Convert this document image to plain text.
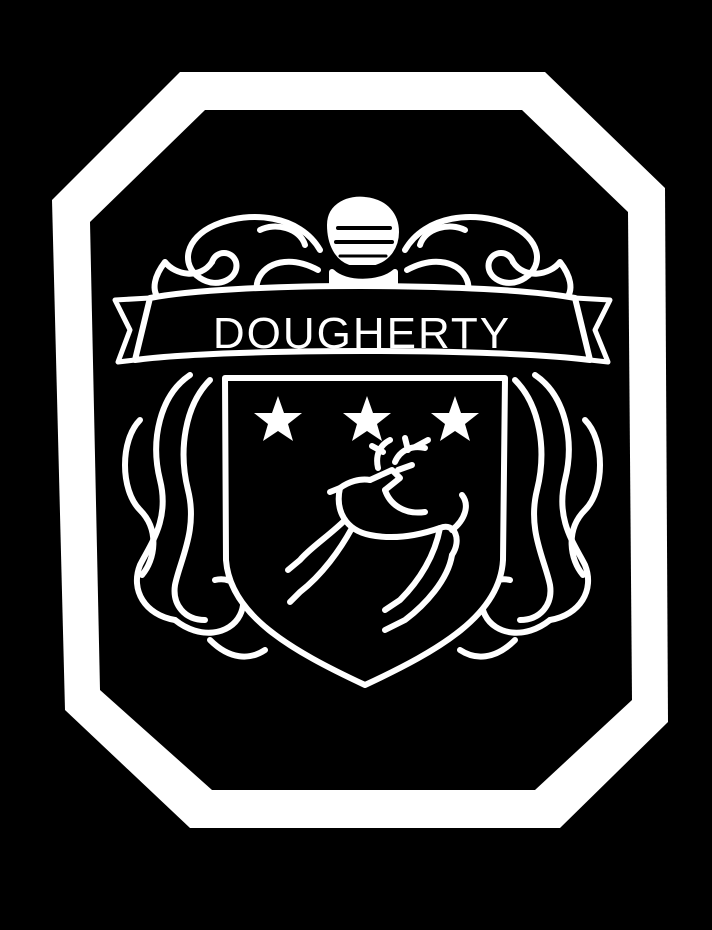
DOUGHERTY
